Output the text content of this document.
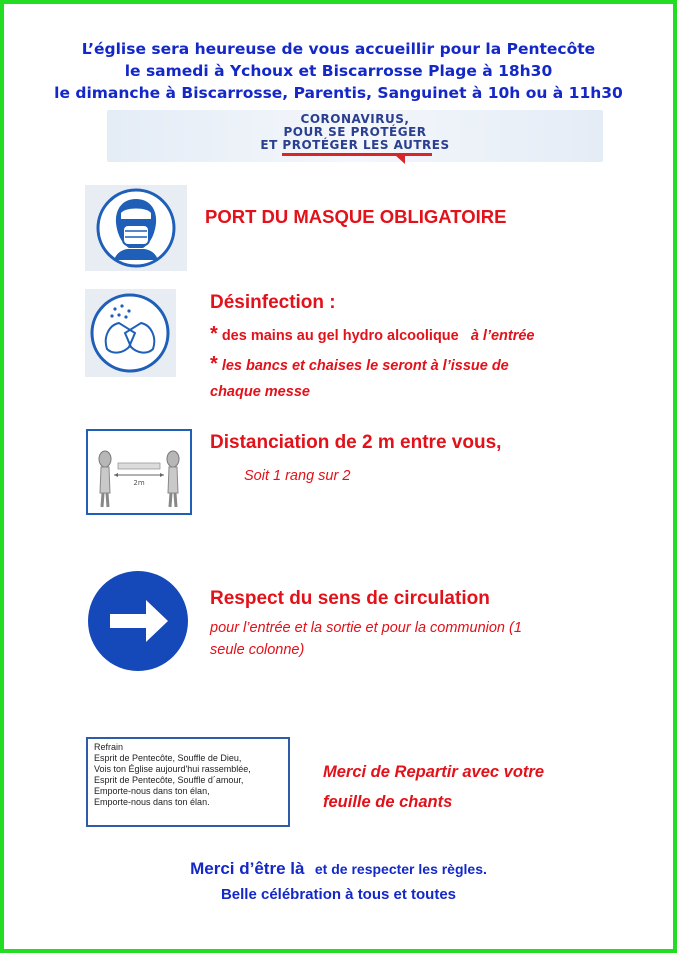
L’église sera heureuse de vous accueillir pour la Pentecôte
le samedi à Ychoux et Biscarrosse Plage à 18h30
le dimanche à Biscarrosse, Parentis, Sanguinet à 10h ou à 11h30
CORONAVIRUS,
POUR SE PROTÉGER
ET PROTÉGER LES AUTRES
PORT DU MASQUE OBLIGATOIRE
Désinfection :
* des mains au gel hydro alcoolique à l’entrée
* les bancs et chaises le seront à l’issue de
chaque messe
2m
Distanciation de 2 m entre vous,
Soit 1 rang sur 2
Respect du sens de circulation
pour l’entrée et la sortie et pour la communion (1
seule colonne)
Refrain
Esprit de Pentecôte, Souffle de Dieu,
Vois ton Église aujourd'hui rassemblée,
Esprit de Pentecôte, Souffle d´amour,
Emporte-nous dans ton élan,
Emporte-nous dans ton élan.
Merci de Repartir avec votre
feuille de chants
Merci d’être là et de respecter les règles.
Belle célébration à tous et toutes
